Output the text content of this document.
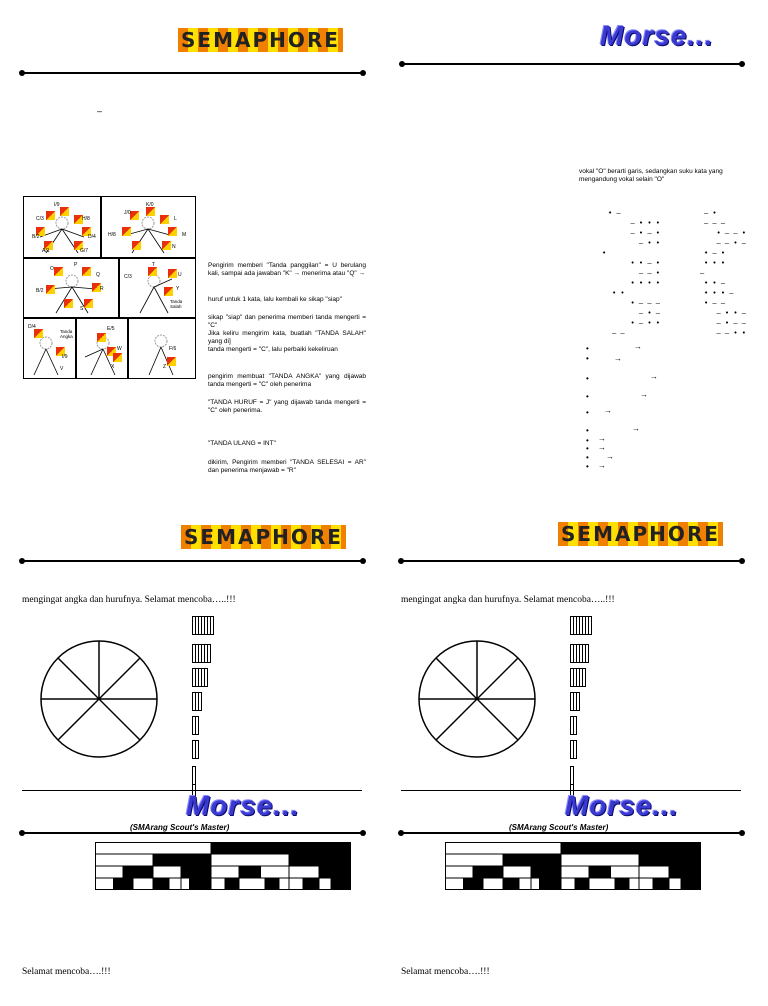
SEMAPHORE
–
I/9
C/3	H/8
B/2	D/4
A/1	G/7
J/0
K/0
L
H/8	M
N
O
P
Q
R
B/2
S
T
U
Y
C/3
Tanda Salah
D/4
Tanda Angka
I/9
V
E/5
W
X
F/6
Z
Pengirim memberi "Tanda panggilan" = U berulang kali, sampai ada jawaban "K" → menerima atau "Q" →
huruf untuk 1 kata, lalu kembali ke sikap "siap"
sikap "siap" dan penerima memberi tanda mengerti = "C"
Jika keliru mengirim kata, buatlah "TANDA SALAH" yang di]
tanda mengerti = "C", lalu perbaiki kekeliruan
pengirim membuat "TANDA ANGKA" yang dijawab tanda mengerti = "C" oleh penerima
"TANDA HURUF = J" yang dijawab tanda mengerti = "C" oleh penerima.
"TANDA ULANG = INT"
dikirim, Pengirim memberi "TANDA SELESAI = AR" dan penerima menjawab = "R"
Morse...
vokal "O" berarti garis, sedangkan suku kata yang mengandung vokal selain "O"
• –
– • • •
– • – •
– • •
•
• • – •
– – •
• • • •
• •
• – – –
– • –
• – • •
– –
– •
– – –
• – – •
– – • –
• – •
• • •
–
• • –
• • • –
• – –
– • • –
– • – –
– – • •
•	→
•	→
•	→
•	→
• →
•	→
• →
• →
• →
• →
SEMAPHORE
mengingat angka dan hurufnya. Selamat mencoba…..!!!

Morse...
(SMArang Scout's Master)
Selamat mencoba….!!!
SEMAPHORE
mengingat angka dan hurufnya. Selamat mencoba…..!!!

Morse...
(SMArang Scout's Master)
Selamat mencoba….!!!
